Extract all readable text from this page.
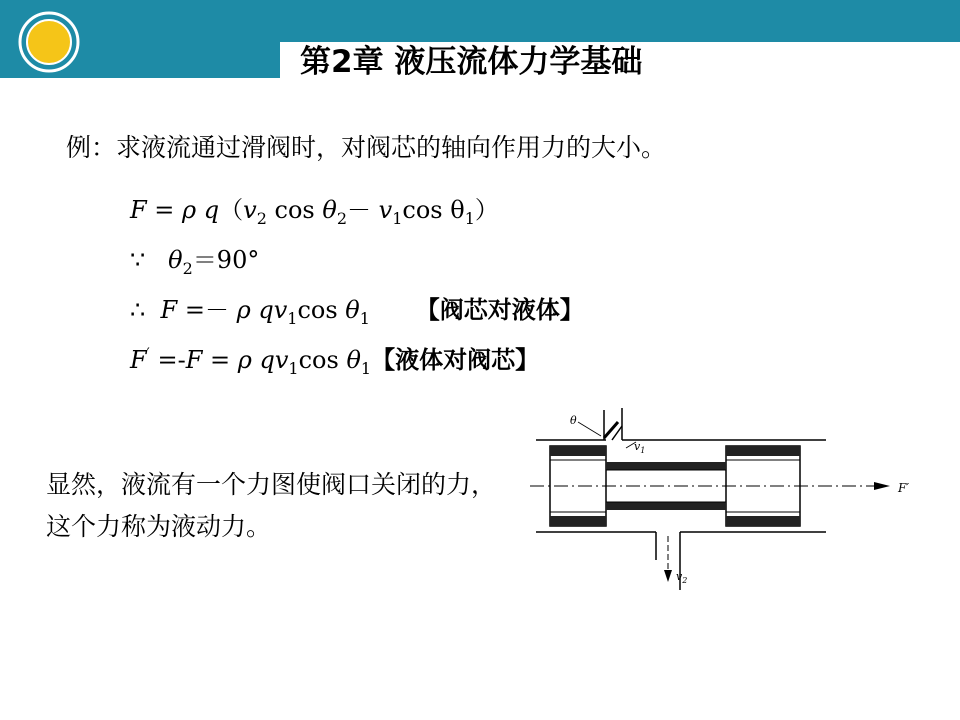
第2章 液压流体力学基础
例：求液流通过滑阀时，对阀芯的轴向作用力的大小。
F = ρ $q(v_2$ $\cos \theta_2- v_1\cos$ $\theta_1$）
∵ $\theta_2=90^\circ$
∴ F =－ ρ $qv_1\cos$ $\theta_1$ 【阀芯对液体】
F′ =-F = ρ $qv_1\cos$ $\theta_1$【液体对阀芯】
显然，液流有一个力图使阀口关闭的力，这个力称为液动力。
θ
$v_1$
F′
$v_2$
